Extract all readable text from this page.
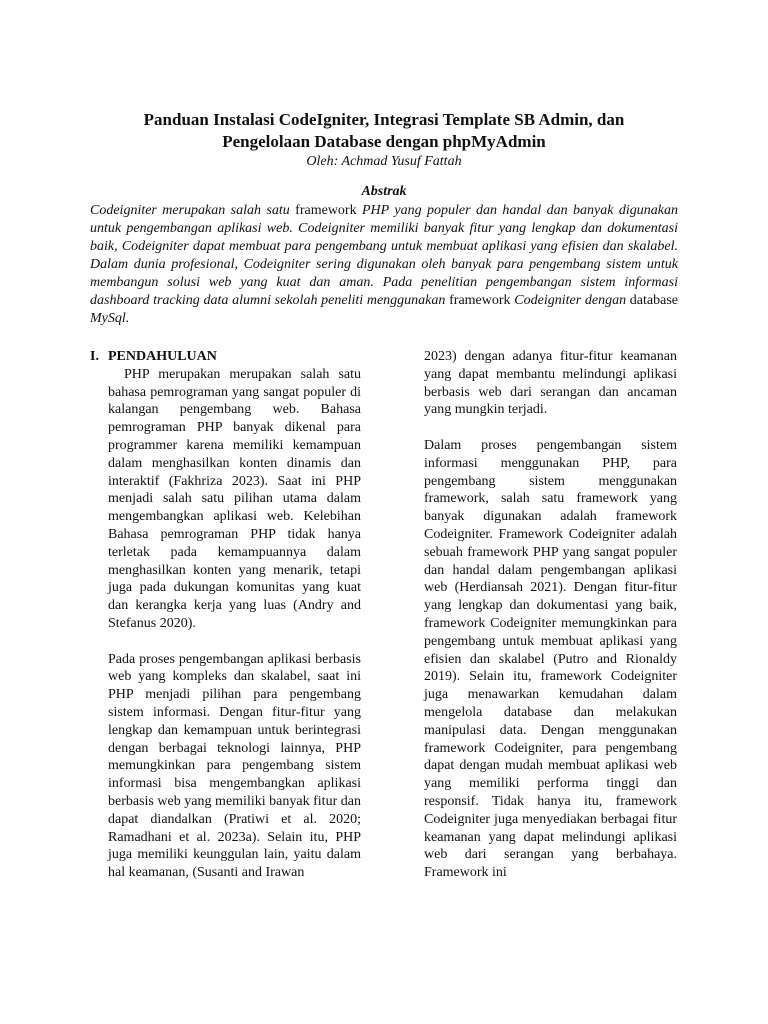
Panduan Instalasi CodeIgniter, Integrasi Template SB Admin, dan
Pengelolaan Database dengan phpMyAdmin
Oleh: Achmad Yusuf Fattah
Abstrak
Codeigniter merupakan salah satu framework PHP yang populer dan handal dan banyak digunakan untuk pengembangan aplikasi web. Codeigniter memiliki banyak fitur yang lengkap dan dokumentasi baik, Codeigniter dapat membuat para pengembang untuk membuat aplikasi yang efisien dan skalabel. Dalam dunia profesional, Codeigniter sering digunakan oleh banyak para pengembang sistem untuk membangun solusi web yang kuat dan aman. Pada penelitian pengembangan sistem informasi dashboard tracking data alumni sekolah peneliti menggunakan framework Codeigniter dengan database MySql.
I. PENDAHULUAN

PHP merupakan merupakan salah satu bahasa pemrograman yang sangat populer di kalangan pengembang web. Bahasa pemrograman PHP banyak dikenal para programmer karena memiliki kemampuan dalam menghasilkan konten dinamis dan interaktif (Fakhriza 2023). Saat ini PHP menjadi salah satu pilihan utama dalam mengembangkan aplikasi web. Kelebihan Bahasa pemrograman PHP tidak hanya terletak pada kemampuannya dalam menghasilkan konten yang menarik, tetapi juga pada dukungan komunitas yang kuat dan kerangka kerja yang luas (Andry and Stefanus 2020).

Pada proses pengembangan aplikasi berbasis web yang kompleks dan skalabel, saat ini PHP menjadi pilihan para pengembang sistem informasi. Dengan fitur-fitur yang lengkap dan kemampuan untuk berintegrasi dengan berbagai teknologi lainnya, PHP memungkinkan para pengembang sistem informasi bisa mengembangkan aplikasi berbasis web yang memiliki banyak fitur dan dapat diandalkan (Pratiwi et al. 2020; Ramadhani et al. 2023a). Selain itu, PHP juga memiliki keunggulan lain, yaitu dalam hal keamanan, (Susanti and Irawan

2023) dengan adanya fitur-fitur keamanan yang dapat membantu melindungi aplikasi berbasis web dari serangan dan ancaman yang mungkin terjadi.

Dalam proses pengembangan sistem informasi menggunakan PHP, para pengembang sistem menggunakan framework, salah satu framework yang banyak digunakan adalah framework Codeigniter. Framework Codeigniter adalah sebuah framework PHP yang sangat populer dan handal dalam pengembangan aplikasi web (Herdiansah 2021). Dengan fitur-fitur yang lengkap dan dokumentasi yang baik, framework Codeigniter memungkinkan para pengembang untuk membuat aplikasi yang efisien dan skalabel (Putro and Rionaldy 2019). Selain itu, framework Codeigniter juga menawarkan kemudahan dalam mengelola database dan melakukan manipulasi data. Dengan menggunakan framework Codeigniter, para pengembang dapat dengan mudah membuat aplikasi web yang memiliki performa tinggi dan responsif. Tidak hanya itu, framework Codeigniter juga menyediakan berbagai fitur keamanan yang dapat melindungi aplikasi web dari serangan yang berbahaya. Framework ini
